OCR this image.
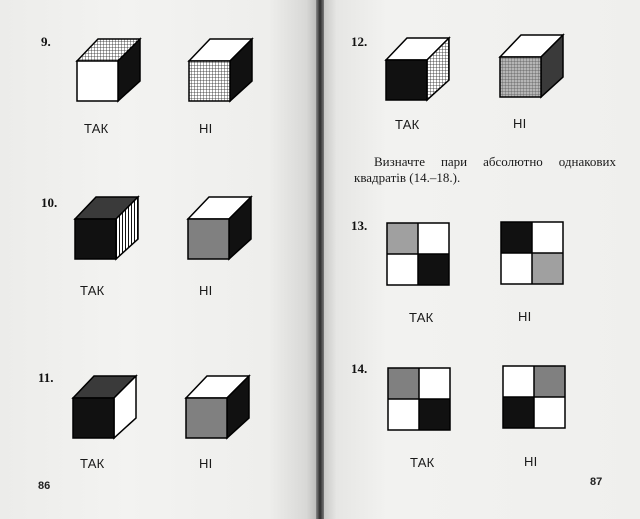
9.
ТАК	НІ
10.
ТАК	НІ
11.
ТАК	НІ
86
12.
ТАК	НІ
Визначте пари абсолютно однакових квадратів (14.–18.).
13.
ТАК	НІ
14.
ТАК	НІ
87
